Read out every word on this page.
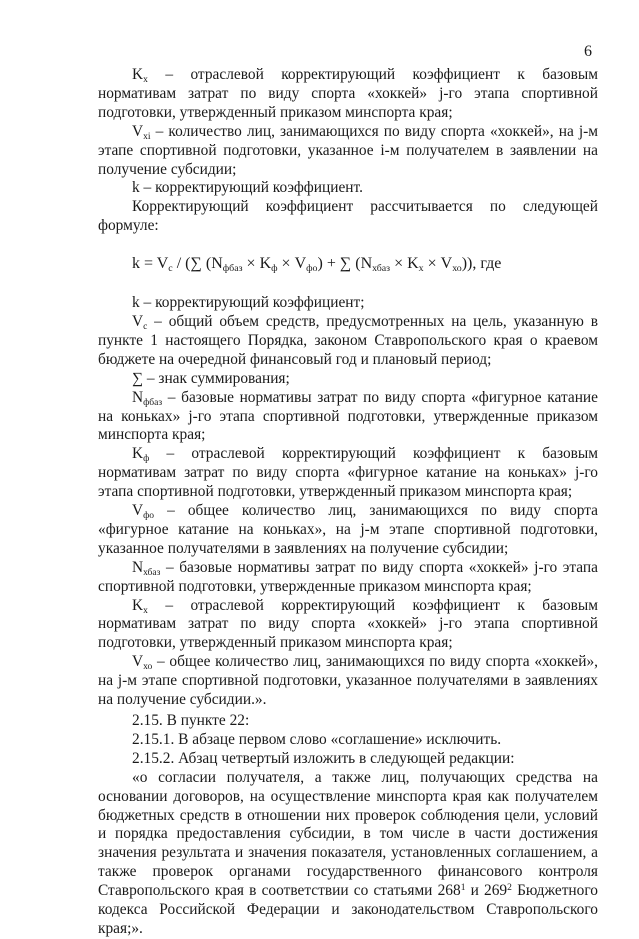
6

$K_х$ – отраслевой корректирующий коэффициент к базовым нормативам затрат по виду спорта «хоккей» j-го этапа спортивной подготовки, утвержденный приказом минспорта края;

$V_{хi}$ – количество лиц, занимающихся по виду спорта «хоккей», на j-м этапе спортивной подготовки, указанное i-м получателем в заявлении на получение субсидии;

k – корректирующий коэффициент.

Корректирующий коэффициент рассчитывается по следующей формуле:

$k = V_c$ / (∑ $(N_{фбаз} \times K_ф \times V_{фо})$ + ∑ $(N_{хбаз} \times K_х \times V_{хо})$), где

k – корректирующий коэффициент;

$V_c$ – общий объем средств, предусмотренных на цель, указанную в пункте 1 настоящего Порядка, законом Ставропольского края о краевом бюджете на очередной финансовый год и плановый период;

∑ – знак суммирования;

$N_{фбаз}$ – базовые нормативы затрат по виду спорта «фигурное катание на коньках» j-го этапа спортивной подготовки, утвержденные приказом минспорта края;

$K_ф$ – отраслевой корректирующий коэффициент к базовым нормативам затрат по виду спорта «фигурное катание на коньках» j-го этапа спортивной подготовки, утвержденный приказом минспорта края;

$V_{фо}$ – общее количество лиц, занимающихся по виду спорта «фигурное катание на коньках», на j-м этапе спортивной подготовки, указанное получателями в заявлениях на получение субсидии;

$N_{хбаз}$ – базовые нормативы затрат по виду спорта «хоккей» j-го этапа спортивной подготовки, утвержденные приказом минспорта края;

$K_х$ – отраслевой корректирующий коэффициент к базовым нормативам затрат по виду спорта «хоккей» j-го этапа спортивной подготовки, утвержденный приказом минспорта края;

$V_{хо}$ – общее количество лиц, занимающихся по виду спорта «хоккей», на j-м этапе спортивной подготовки, указанное получателями в заявлениях на получение субсидии.».

2.15. В пункте 22:

2.15.1. В абзаце первом слово «соглашение» исключить.

2.15.2. Абзац четвертый изложить в следующей редакции:

«о согласии получателя, а также лиц, получающих средства на основании договоров, на осуществление минспорта края как получателем бюджетных средств в отношении них проверок соблюдения цели, условий и порядка предоставления субсидии, в том числе в части достижения значения результата и значения показателя, установленных соглашением, а также проверок органами государственного финансового контроля Ставропольского края в соответствии со статьями $268^1$ и $269^2$ Бюджетного кодекса Российской Федерации и законодательством Ставропольского края;».
